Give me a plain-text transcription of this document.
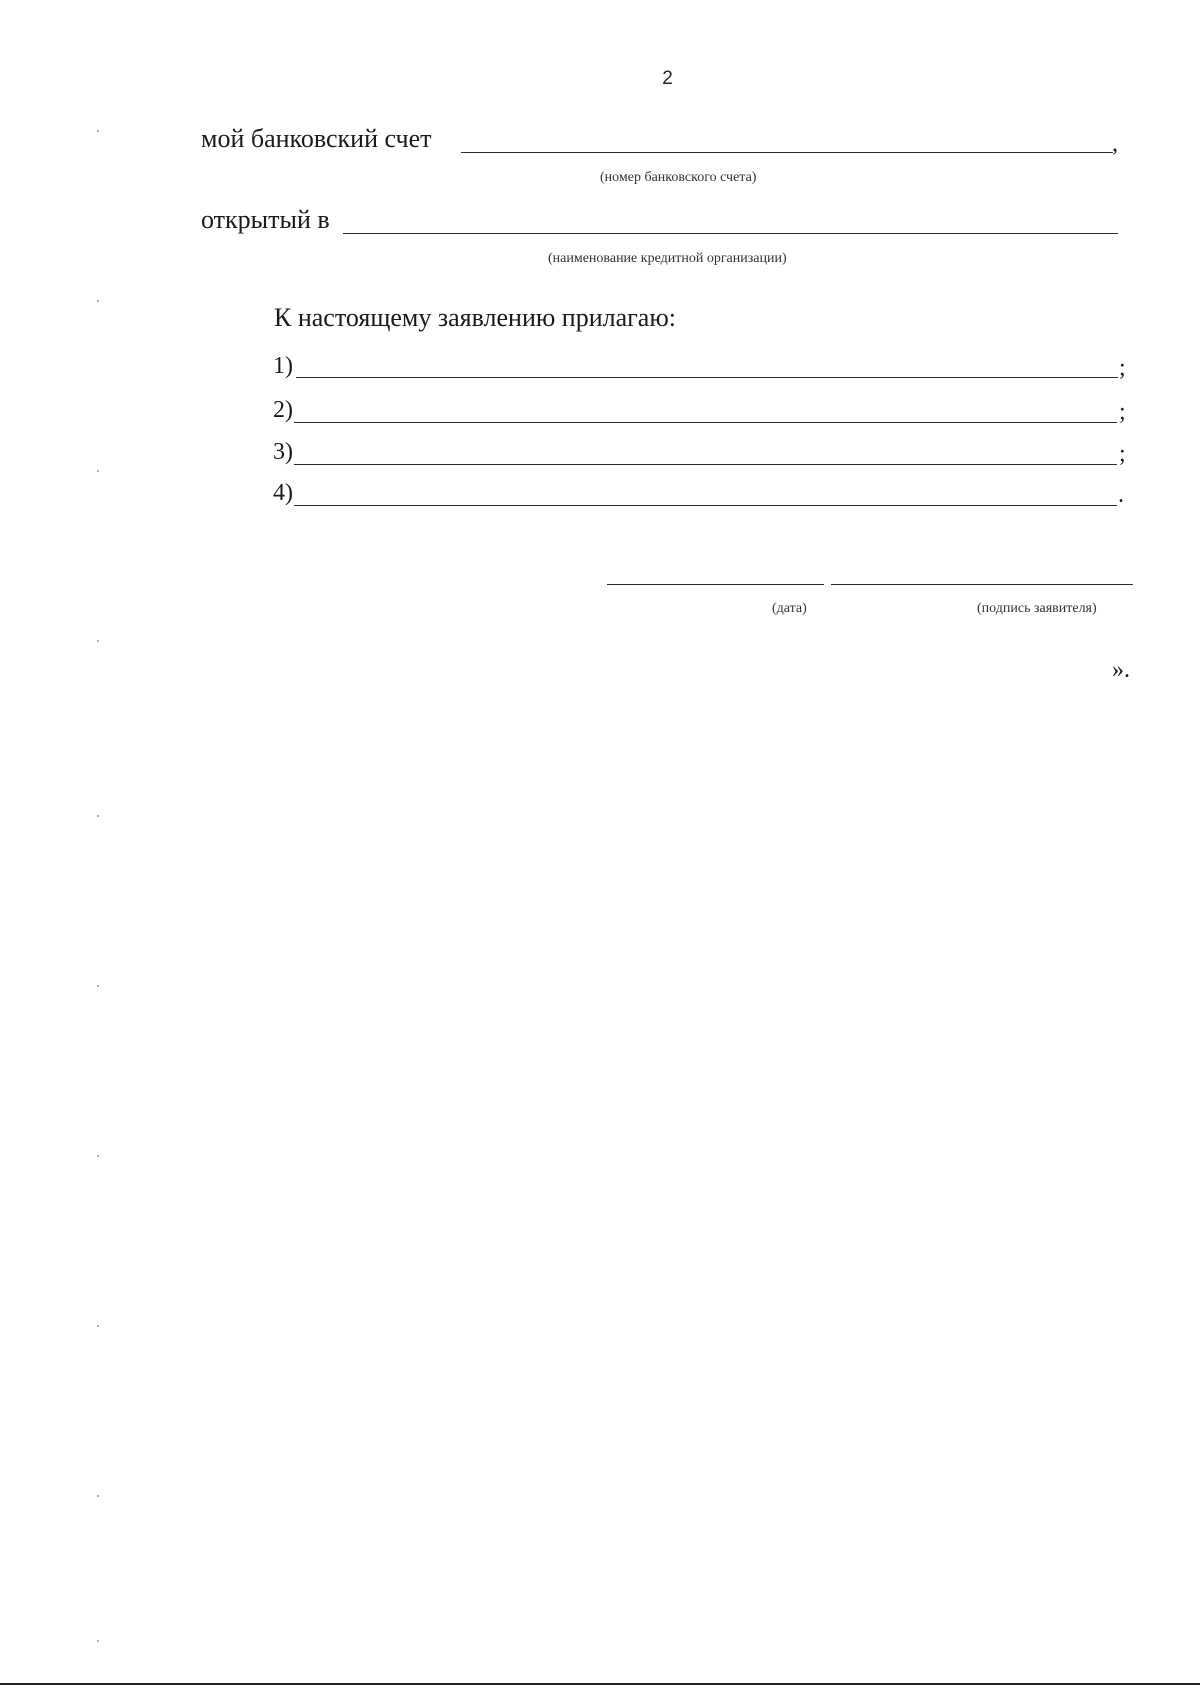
2
мой банковский счет	,
(номер банковского счета)
открытый в
(наименование кредитной организации)
К настоящему заявлению прилагаю:
1)	;
2)	;
3)	;
4)	.
(дата)	(подпись заявителя)
».
